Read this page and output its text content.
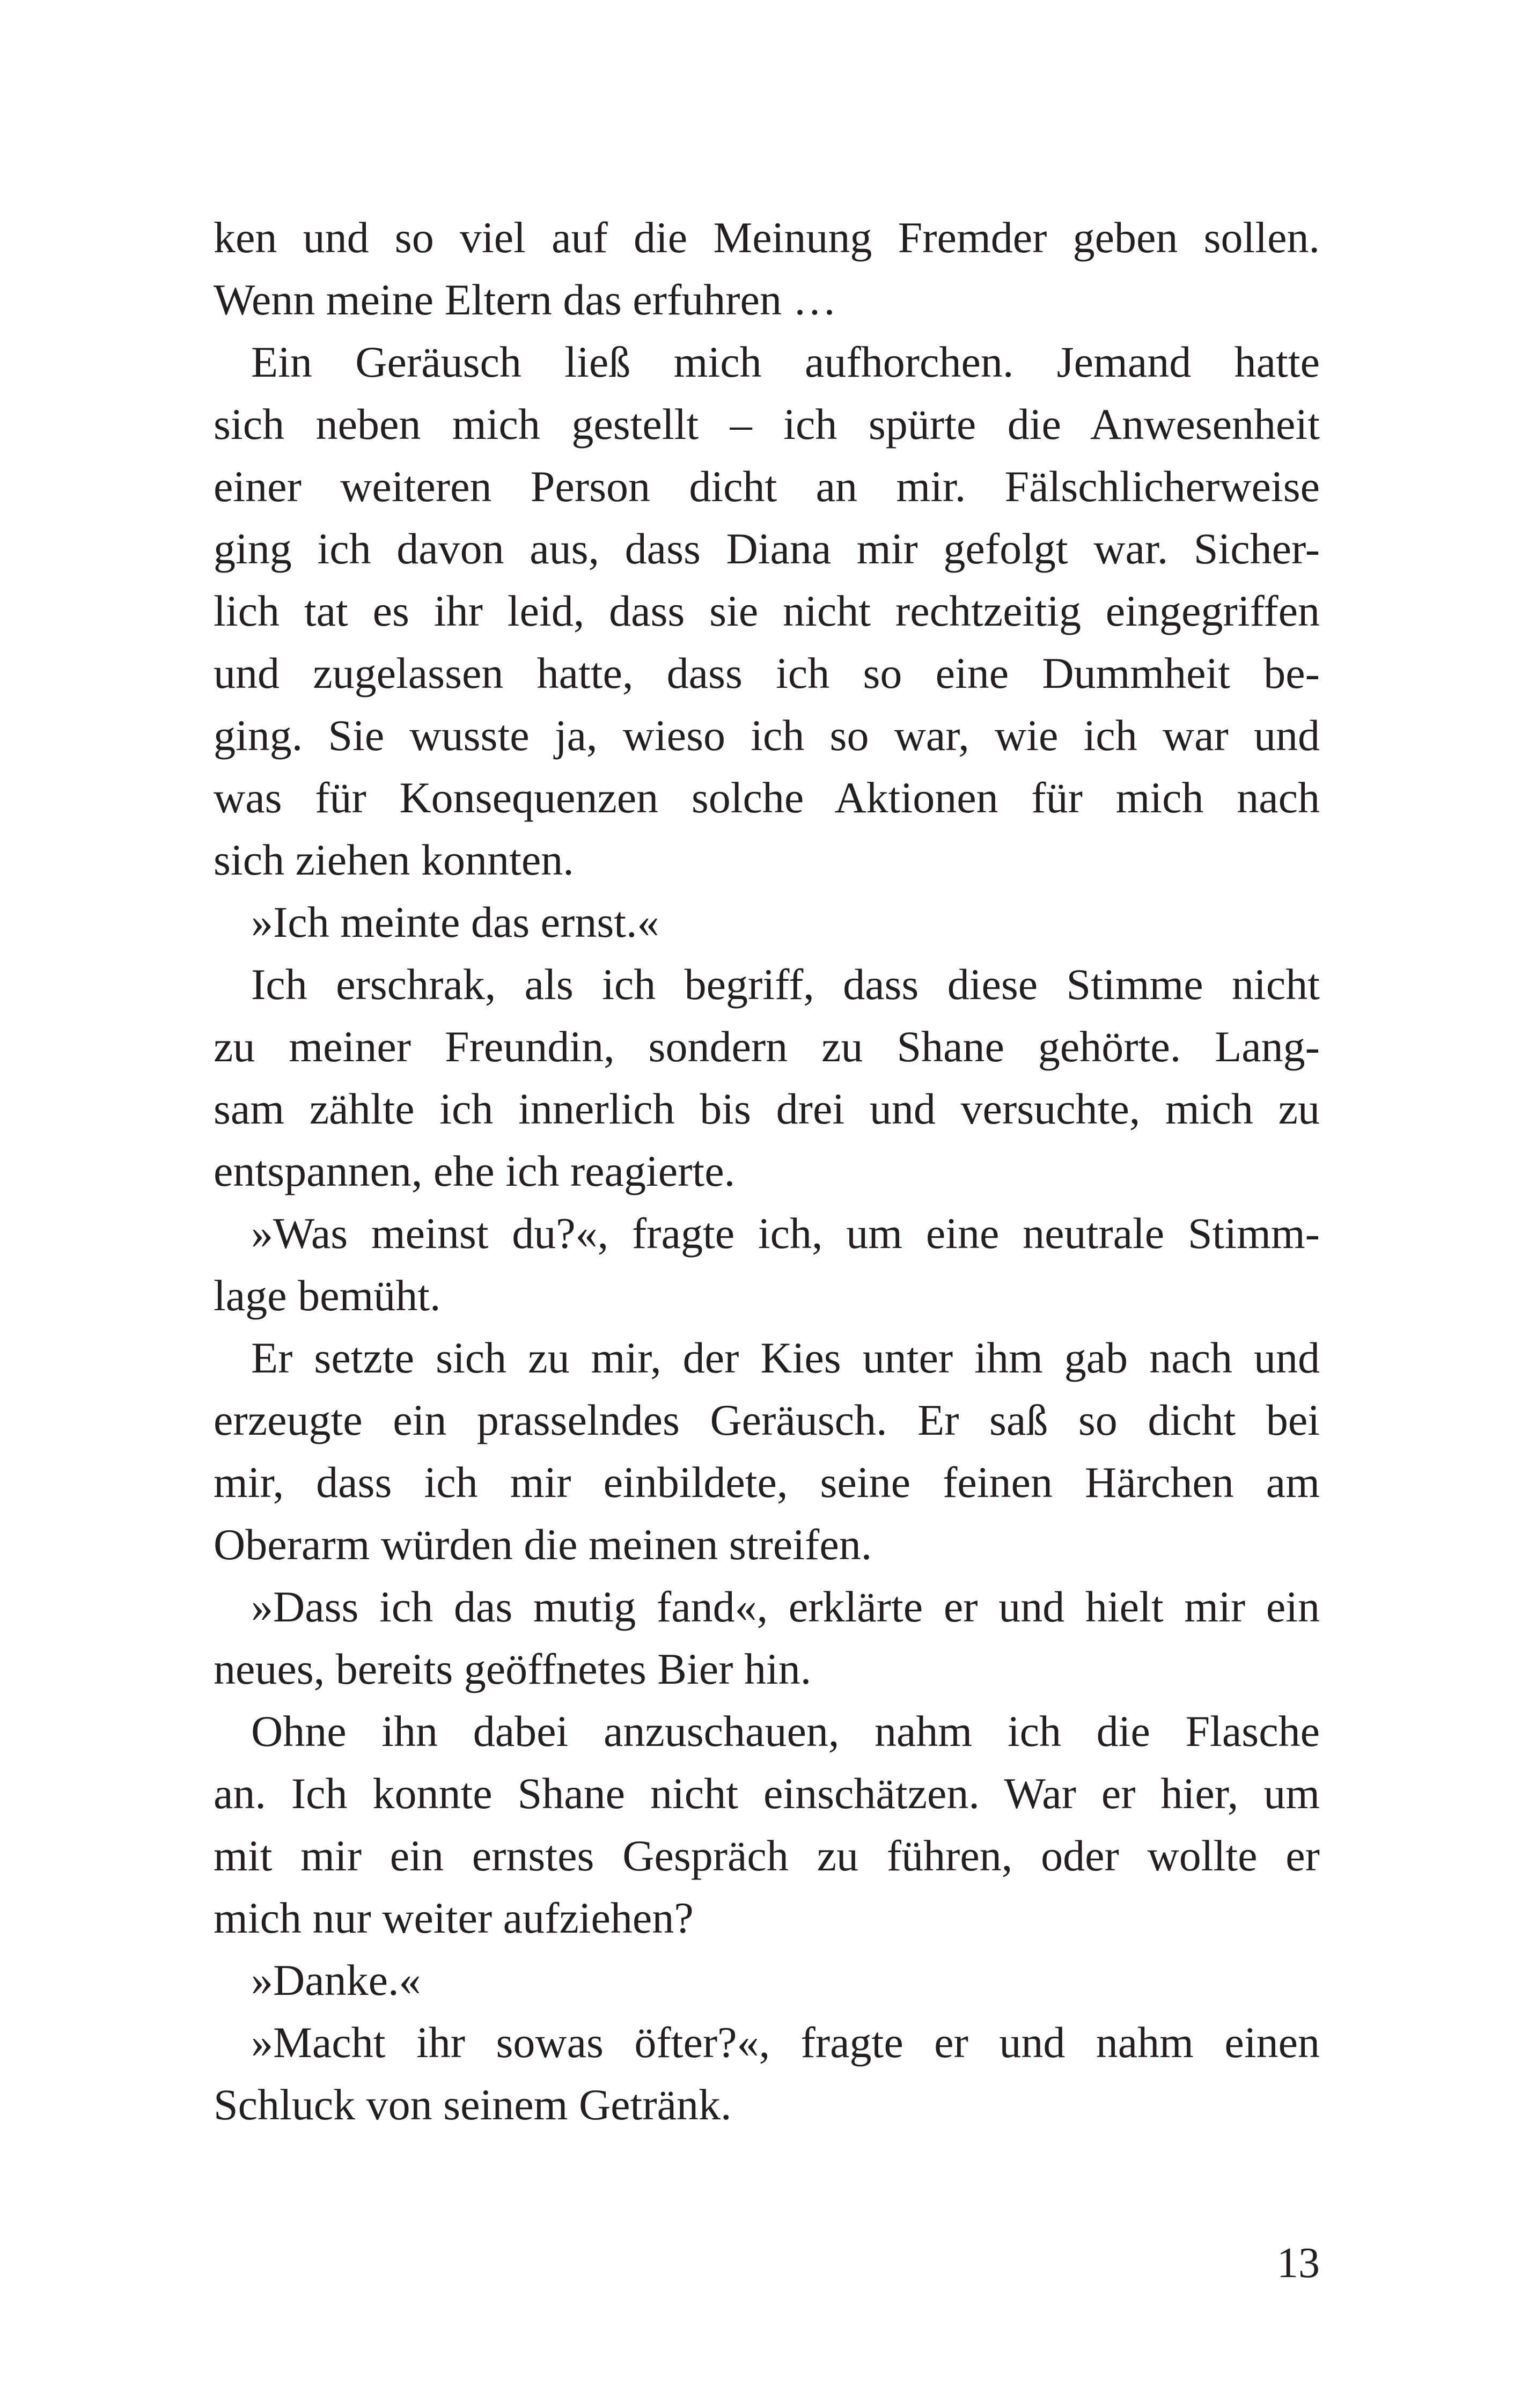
ken und so viel auf die Meinung Fremder geben sollen.
Wenn meine Eltern das erfuhren …
Ein Geräusch ließ mich aufhorchen. Jemand hatte
sich neben mich gestellt – ich spürte die Anwesenheit
einer weiteren Person dicht an mir. Fälschlicherweise
ging ich davon aus, dass Diana mir gefolgt war. Sicher-
lich tat es ihr leid, dass sie nicht rechtzeitig eingegriffen
und zugelassen hatte, dass ich so eine Dummheit be-
ging. Sie wusste ja, wieso ich so war, wie ich war und
was für Konsequenzen solche Aktionen für mich nach
sich ziehen konnten.
»Ich meinte das ernst.«
Ich erschrak, als ich begriff, dass diese Stimme nicht
zu meiner Freundin, sondern zu Shane gehörte. Lang-
sam zählte ich innerlich bis drei und versuchte, mich zu
entspannen, ehe ich reagierte.
»Was meinst du?«, fragte ich, um eine neutrale Stimm-
lage bemüht.
Er setzte sich zu mir, der Kies unter ihm gab nach und
erzeugte ein prasselndes Geräusch. Er saß so dicht bei
mir, dass ich mir einbildete, seine feinen Härchen am
Oberarm würden die meinen streifen.
»Dass ich das mutig fand«, erklärte er und hielt mir ein
neues, bereits geöffnetes Bier hin.
Ohne ihn dabei anzuschauen, nahm ich die Flasche
an. Ich konnte Shane nicht einschätzen. War er hier, um
mit mir ein ernstes Gespräch zu führen, oder wollte er
mich nur weiter aufziehen?
»Danke.«
»Macht ihr sowas öfter?«, fragte er und nahm einen
Schluck von seinem Getränk.
13
